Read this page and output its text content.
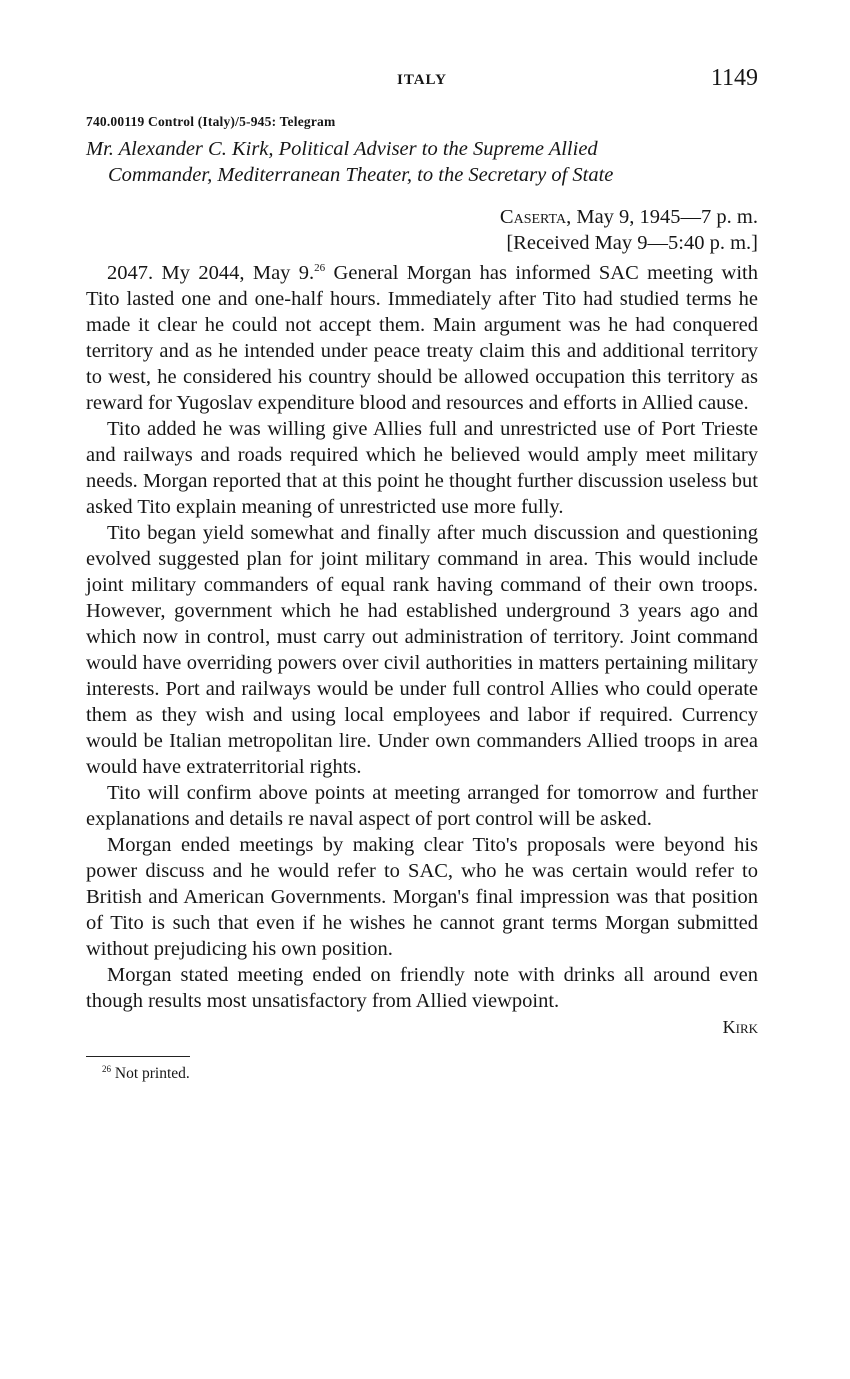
ITALY	1149
740.00119 Control (Italy)/5-945: Telegram
Mr. Alexander C. Kirk, Political Adviser to the Supreme Allied
Commander, Mediterranean Theater, to the Secretary of State
Caserta, May 9, 1945—7 p. m.
[Received May 9—5:40 p. m.]

2047. My 2044, May 9.26 General Morgan has informed SAC meeting with Tito lasted one and one-half hours. Immediately after Tito had studied terms he made it clear he could not accept them. Main argument was he had conquered territory and as he intended under peace treaty claim this and additional territory to west, he considered his country should be allowed occupation this territory as reward for Yugoslav expenditure blood and resources and efforts in Allied cause.

Tito added he was willing give Allies full and unrestricted use of Port Trieste and railways and roads required which he believed would amply meet military needs. Morgan reported that at this point he thought further discussion useless but asked Tito explain meaning of unrestricted use more fully.

Tito began yield somewhat and finally after much discussion and questioning evolved suggested plan for joint military command in area. This would include joint military commanders of equal rank having command of their own troops. However, government which he had established underground 3 years ago and which now in control, must carry out administration of territory. Joint command would have overriding powers over civil authorities in matters pertaining military interests. Port and railways would be under full control Allies who could operate them as they wish and using local employees and labor if required. Currency would be Italian metropolitan lire. Under own commanders Allied troops in area would have extraterritorial rights.

Tito will confirm above points at meeting arranged for tomorrow and further explanations and details re naval aspect of port control will be asked.

Morgan ended meetings by making clear Tito's proposals were beyond his power discuss and he would refer to SAC, who he was certain would refer to British and American Governments. Morgan's final impression was that position of Tito is such that even if he wishes he cannot grant terms Morgan submitted without prejudicing his own position.

Morgan stated meeting ended on friendly note with drinks all around even though results most unsatisfactory from Allied viewpoint.

Kirk
$^{26}$ Not printed.
